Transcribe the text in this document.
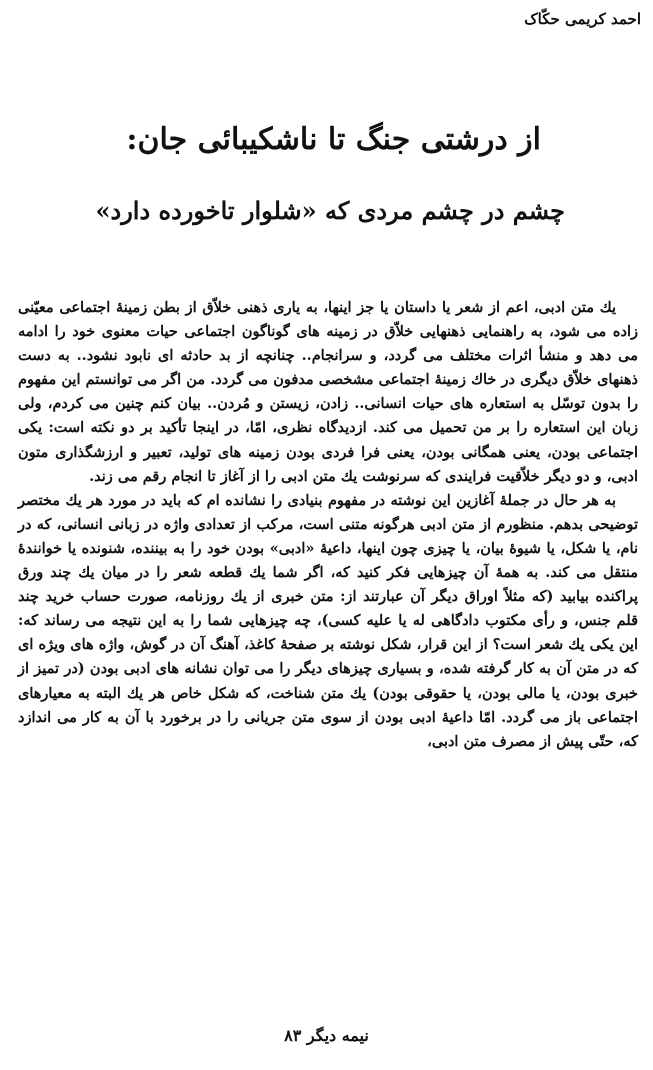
احمد کریمی حکّاک
از درشتی جنگ تا ناشکیبائی جان:
چشم در چشم مردی که «شلوار تاخورده دارد»

یك متن ادبی، اعم از شعر یا داستان یا جز اینها، به یاری ذهنی خلاّق از بطن زمینهٔ اجتماعی معیّنی زاده می شود، به راهنمایی ذهنهایی خلاّق در زمینه های گوناگون اجتماعی حیات معنوی خود را ادامه می دهد و منشأ اثرات مختلف می گردد، و سرانجام.. چنانچه از بد حادثه ای نابود نشود.. به دست ذهنهای خلاّق دیگری در خاك زمینهٔ اجتماعی مشخصی مدفون می گردد. من اگر می توانستم این مفهوم را بدون توسّل به استعاره های حیات انسانی.. زادن، زیستن و مُردن.. بیان کنم چنین می کردم، ولی زبان این استعاره را بر من تحمیل می کند. ازدیدگاه نظری، امّا، در اینجا تأکید بر دو نکته است: یکی اجتماعی بودن، یعنی همگانی بودن، یعنی فرا فردی بودن زمینه های تولید، تعبیر و ارزشگذاری متون ادبی، و دو دیگر خلاّقیت فرایندی که سرنوشت یك متن ادبی را از آغاز تا انجام رقم می زند.

به هر حال در جملهٔ آغازین این نوشته در مفهوم بنیادی را نشانده ام که باید در مورد هر یك مختصر توضیحی بدهم. منظورم از متن ادبی هرگونه متنی است، مرکب از تعدادی واژه در زبانی انسانی، که در نام، یا شکل، یا شیوهٔ بیان، یا چیزی چون اینها، داعیهٔ «ادبی» بودن خود را به بیننده، شنونده یا خوانندهٔ منتقل می کند. به همهٔ آن چیزهایی فکر کنید که، اگر شما یك قطعه شعر را در میان یك چند ورق پراکنده بیابید (که مثلاً اوراق دیگر آن عبارتند از: متن خبری از یك روزنامه، صورت حساب خرید چند قلم جنس، و رأی مکتوب دادگاهی له یا علیه کسی)، چه چیزهایی شما را به این نتیجه می رساند که: این یکی یك شعر است؟ از این قرار، شکل نوشته بر صفحهٔ کاغذ، آهنگ آن در گوش، واژه های ویژه ای که در متن آن به کار گرفته شده، و بسیاری چیزهای دیگر را می توان نشانه های ادبی بودن (در تمیز از خبری بودن، یا مالی بودن، یا حقوقی بودن) یك متن شناخت، که شکل خاص هر یك البته به معیارهای اجتماعی باز می گردد. امّا داعیهٔ ادبی بودن از سوی متن جریانی را در برخورد با آن به کار می اندازد که، حتّی پیش از مصرف متن ادبی،

نیمه دیگر ۸۳
